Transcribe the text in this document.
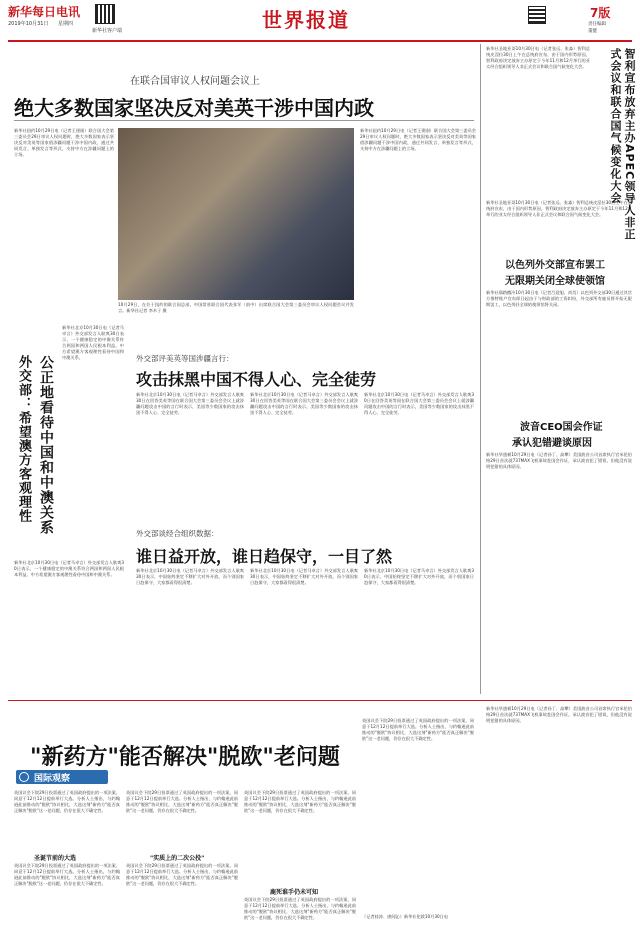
新华每日电讯
2019年10月31日 星期四
新华社客户端	世界报道	7版
责任编辑
董健
在联合国审议人权问题会议上
绝大多数国家坚决反对美英干涉中国内政
新华社纽约10月29日电（记者王建刚）联合国大会第三委员会29日审议人权问题时，绝大多数国家表示坚决反对美英等国家借涉疆问题干涉中国内政，通过共同发言、单独发言等形式，支持中方在涉疆问题上的立场。
10月29日，在位于纽约的联合国总部，中国常驻联合国代表张军（前中）出席联合国大会第三委员会审议人权问题会议并发言。新华社记者 李木子 摄
新华社纽约10月29日电（记者王建刚）联合国大会第三委员会29日审议人权问题时，绝大多数国家表示坚决反对美英等国家借涉疆问题干涉中国内政，通过共同发言、单独发言等形式，支持中方在涉疆问题上的立场。
公正地看待中国和中澳关系
外交部：希望澳方客观理性
新华社北京10月30日电（记者马卓言）外交部发言人耿爽30日表示，一个健康稳定的中澳关系符合两国和两国人民根本利益。中方希望澳方客观理性看待中国和中澳关系。	外交部评美英等国涉疆言行：
攻击抹黑中国不得人心、完全徒劳
新华社北京10月30日电（记者马卓言）外交部发言人耿爽30日在回答美英等国在联合国大会第三委员会会议上就涉疆问题攻击中国的言行时表示，美国等少数国家的攻击抹黑不得人心、完全徒劳。
新华社北京10月30日电（记者马卓言）外交部发言人耿爽30日在回答美英等国在联合国大会第三委员会会议上就涉疆问题攻击中国的言行时表示，美国等少数国家的攻击抹黑不得人心、完全徒劳。
新华社北京10月30日电（记者马卓言）外交部发言人耿爽30日在回答美英等国在联合国大会第三委员会会议上就涉疆问题攻击中国的言行时表示，美国等少数国家的攻击抹黑不得人心、完全徒劳。
外交部谈经合组织数据：
谁日益开放，谁日趋保守，一目了然
新华社北京10月30日电（记者马卓言）外交部发言人耿爽30日表示，一个健康稳定的中澳关系符合两国和两国人民根本利益。中方希望澳方客观理性看待中国和中澳关系。
新华社北京10月30日电（记者马卓言）外交部发言人耿爽30日表示，中国始终坚定不移扩大对外开放，而个别国家日趋保守，大家都看得很清楚。
新华社北京10月30日电（记者马卓言）外交部发言人耿爽30日表示，中国始终坚定不移扩大对外开放，而个别国家日趋保守，大家都看得很清楚。
新华社北京10月30日电（记者马卓言）外交部发言人耿爽30日表示，中国始终坚定不移扩大对外开放，而个别国家日趋保守，大家都看得很清楚。
新华社圣地亚哥10月30日电（记者张远、张淼）智利总统皮涅拉30日上午在总统府宣布，由于国内形势原因，智利政府决定放弃主办原定于今年11月和12月举行的亚太经合组织领导人非正式会议和联合国气候变化大会。	智利宣布放弃主办APEC领导人非正式会议和联合国气候变化大会
新华社圣地亚哥10月30日电（记者张远、张淼）智利总统皮涅拉30日上午在总统府宣布，由于国内形势原因，智利政府决定放弃主办原定于今年11月和12月举行的亚太经合组织领导人非正式会议和联合国气候变化大会。
以色列外交部宣布罢工
无限期关闭全球使领馆
新华社耶路撒冷10月30日电（记者吕迎旭、尚昊）以色列外交部30日通过其官方推特账户宣布即日起由于与财政部的工资纠纷，外交部所有雇员将开始无限期罢工，以色列驻全球的使领馆将关闭。
波音CEO国会作证
承认犯错避谈原因
新华社华盛顿10月29日电（记者孙丁、高攀）美国波音公司首席执行官米伦伯格29日首次就737MAX飞机事故赴国会作证，承认波音犯了错误，但他没有说明犯错的具体原因。
"新药方"能否解决"脱欧"老问题
国际观察
英国议会下院29日投票通过了英国政府提出的一项法案，同意于12月12日提前举行大选。分析人士指出，与约翰逊此前推动的"脱欧"协议相比，大选这剂"新药方"能否真正解决"脱欧"这一老问题，仍存在很大不确定性。
圣诞节前的大选
英国议会下院29日投票通过了英国政府提出的一项法案，同意于12月12日提前举行大选。分析人士指出，与约翰逊此前推动的"脱欧"协议相比，大选这剂"新药方"能否真正解决"脱欧"这一老问题，仍存在很大不确定性。
英国议会下院29日投票通过了英国政府提出的一项法案，同意于12月12日提前举行大选。分析人士指出，与约翰逊此前推动的"脱欧"协议相比，大选这剂"新药方"能否真正解决"脱欧"这一老问题，仍存在很大不确定性。
"实质上的二次公投"
英国议会下院29日投票通过了英国政府提出的一项法案，同意于12月12日提前举行大选。分析人士指出，与约翰逊此前推动的"脱欧"协议相比，大选这剂"新药方"能否真正解决"脱欧"这一老问题，仍存在很大不确定性。
英国议会下院29日投票通过了英国政府提出的一项法案，同意于12月12日提前举行大选。分析人士指出，与约翰逊此前推动的"脱欧"协议相比，大选这剂"新药方"能否真正解决"脱欧"这一老问题，仍存在很大不确定性。
鹿死谁手仍未可知
英国议会下院29日投票通过了英国政府提出的一项法案，同意于12月12日提前举行大选。分析人士指出，与约翰逊此前推动的"脱欧"协议相比，大选这剂"新药方"能否真正解决"脱欧"这一老问题，仍存在很大不确定性。
英国议会下院29日投票通过了英国政府提出的一项法案，同意于12月12日提前举行大选。分析人士指出，与约翰逊此前推动的"脱欧"协议相比，大选这剂"新药方"能否真正解决"脱欧"这一老问题，仍存在很大不确定性。
（记者桂涛、唐闻沁）新华社伦敦10月30日电
新华社华盛顿10月29日电（记者孙丁、高攀）美国波音公司首席执行官米伦伯格29日首次就737MAX飞机事故赴国会作证，承认波音犯了错误，但他没有说明犯错的具体原因。
